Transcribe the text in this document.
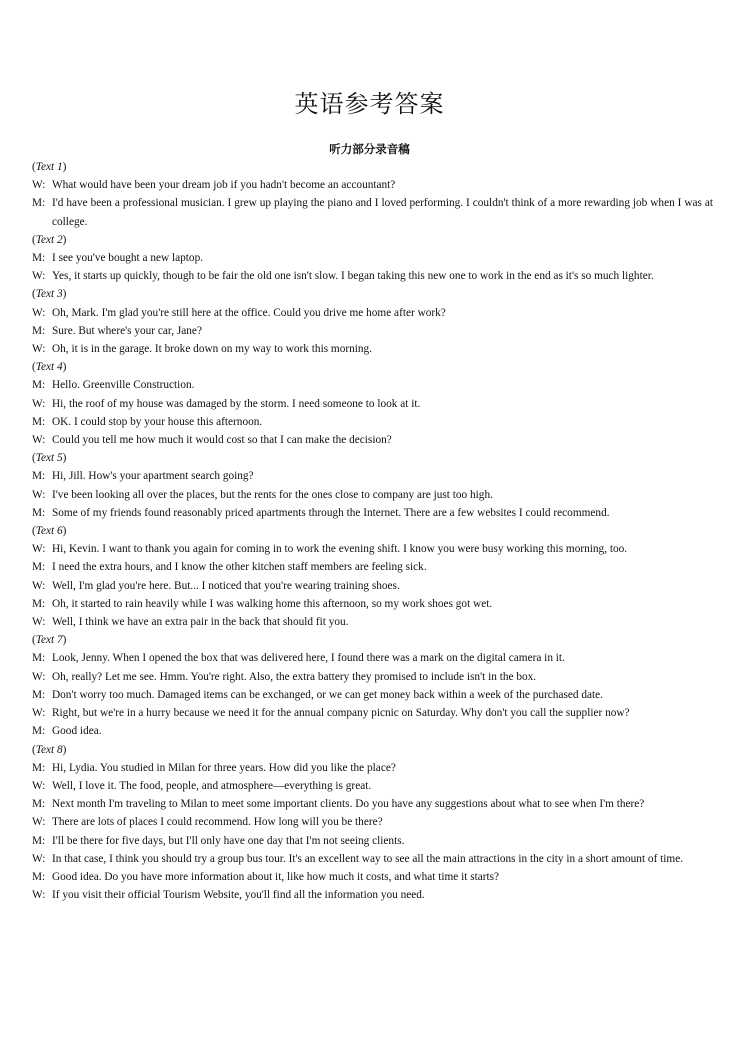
英语参考答案
听力部分录音稿
(Text 1)
W: What would have been your dream job if you hadn't become an accountant?
M: I'd have been a professional musician. I grew up playing the piano and I loved performing. I couldn't think of a more rewarding job when I was at college.
(Text 2)
M: I see you've bought a new laptop.
W: Yes, it starts up quickly, though to be fair the old one isn't slow. I began taking this new one to work in the end as it's so much lighter.
(Text 3)
W: Oh, Mark. I'm glad you're still here at the office. Could you drive me home after work?
M: Sure. But where's your car, Jane?
W: Oh, it is in the garage. It broke down on my way to work this morning.
(Text 4)
M: Hello. Greenville Construction.
W: Hi, the roof of my house was damaged by the storm. I need someone to look at it.
M: OK. I could stop by your house this afternoon.
W: Could you tell me how much it would cost so that I can make the decision?
(Text 5)
M: Hi, Jill. How's your apartment search going?
W: I've been looking all over the places, but the rents for the ones close to company are just too high.
M: Some of my friends found reasonably priced apartments through the Internet. There are a few websites I could recommend.
(Text 6)
W: Hi, Kevin. I want to thank you again for coming in to work the evening shift. I know you were busy working this morning, too.
M: I need the extra hours, and I know the other kitchen staff members are feeling sick.
W: Well, I'm glad you're here. But... I noticed that you're wearing training shoes.
M: Oh, it started to rain heavily while I was walking home this afternoon, so my work shoes got wet.
W: Well, I think we have an extra pair in the back that should fit you.
(Text 7)
M: Look, Jenny. When I opened the box that was delivered here, I found there was a mark on the digital camera in it.
W: Oh, really? Let me see. Hmm. You're right. Also, the extra battery they promised to include isn't in the box.
M: Don't worry too much. Damaged items can be exchanged, or we can get money back within a week of the purchased date.
W: Right, but we're in a hurry because we need it for the annual company picnic on Saturday. Why don't you call the supplier now?
M: Good idea.
(Text 8)
M: Hi, Lydia. You studied in Milan for three years. How did you like the place?
W: Well, I love it. The food, people, and atmosphere—everything is great.
M: Next month I'm traveling to Milan to meet some important clients. Do you have any suggestions about what to see when I'm there?
W: There are lots of places I could recommend. How long will you be there?
M: I'll be there for five days, but I'll only have one day that I'm not seeing clients.
W: In that case, I think you should try a group bus tour. It's an excellent way to see all the main attractions in the city in a short amount of time.
M: Good idea. Do you have more information about it, like how much it costs, and what time it starts?
W: If you visit their official Tourism Website, you'll find all the information you need.
